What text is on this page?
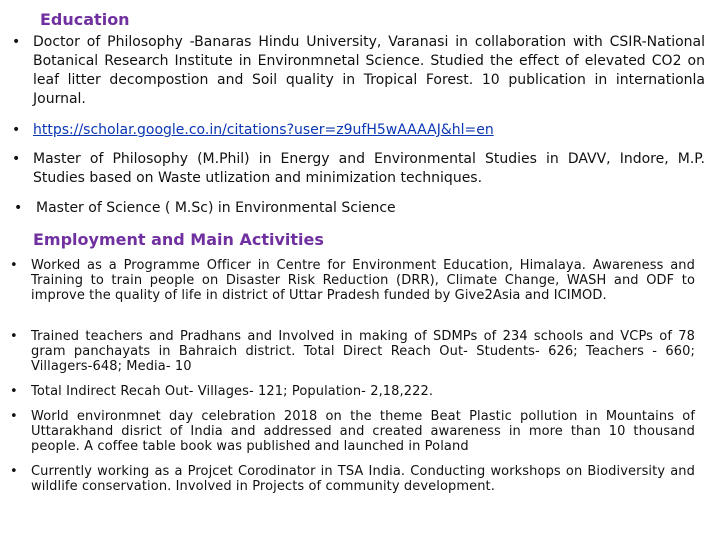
Education
• Doctor of Philosophy -Banaras Hindu University, Varanasi in collaboration with CSIR-National Botanical Research Institute in Environmnetal Science. Studied the effect of elevated CO2 on leaf litter decompostion and Soil quality in Tropical Forest. 10 publication in internationla Journal.
• https://scholar.google.co.in/citations?user=z9ufH5wAAAAJ&hl=en
• Master of Philosophy (M.Phil) in Energy and Environmental Studies in DAVV, Indore, M.P. Studies based on Waste utlization and minimization techniques.
• Master of Science ( M.Sc) in Environmental Science
Employment and Main Activities
• Worked as a Programme Officer in Centre for Environment Education, Himalaya. Awareness and Training to train people on Disaster Risk Reduction (DRR), Climate Change, WASH and ODF to improve the quality of life in district of Uttar Pradesh funded by Give2Asia and ICIMOD.
• Trained teachers and Pradhans and Involved in making of SDMPs of 234 schools and VCPs of 78 gram panchayats in Bahraich district. Total Direct Reach Out- Students- 626; Teachers - 660; Villagers-648; Media- 10
• Total Indirect Recah Out- Villages- 121; Population- 2,18,222.
• World environmnet day celebration 2018 on the theme Beat Plastic pollution in Mountains of Uttarakhand disrict of India and addressed and created awareness in more than 10 thousand people. A coffee table book was published and launched in Poland
• Currently working as a Projcet Corodinator in TSA India. Conducting workshops on Biodiversity and wildlife conservation. Involved in Projects of community development.
